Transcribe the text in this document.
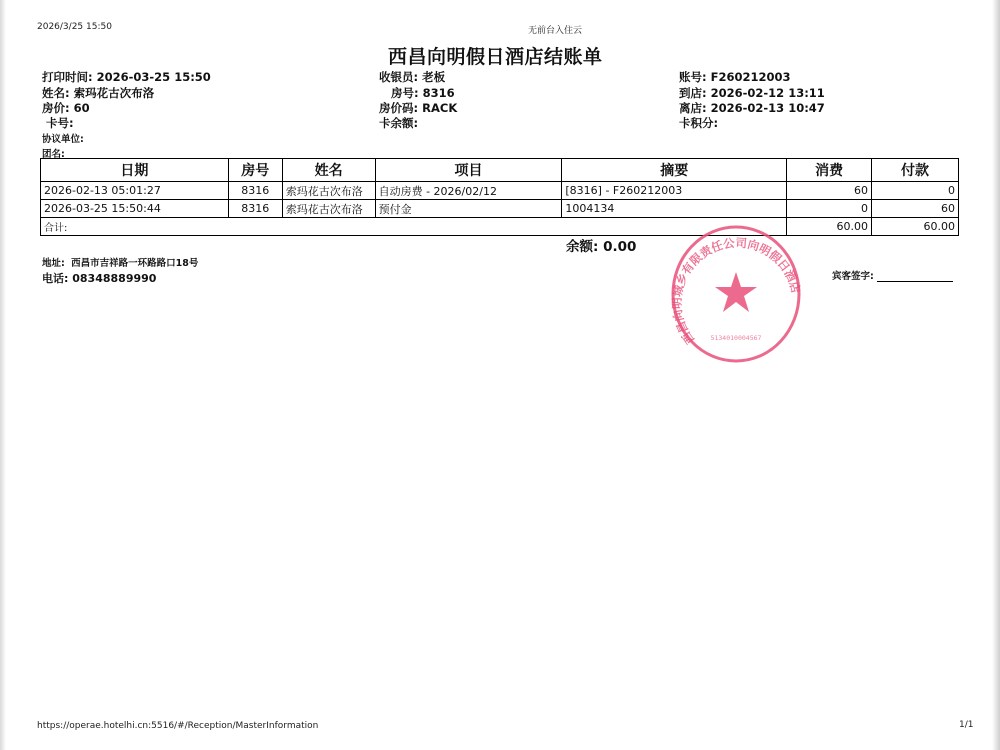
2026/3/25 15:50	无前台入住云
西昌向明假日酒店结账单
打印时间: 2026-03-25 15:50
姓名: 索玛花古次布洛
房价: 60
卡号:
协议单位:
团名:
收银员: 老板
房号: 8316
房价码: RACK
卡余额:
账号: F260212003
到店: 2026-02-12 13:11
离店: 2026-02-13 10:47
卡积分:
日期	房号	姓名	项目	摘要	消费	付款
2026-02-13 05:01:27	8316	索玛花古次布洛	自动房费 - 2026/02/12	[8316] - F260212003	60	0
2026-03-25 15:50:44	8316	索玛花古次布洛	预付金	1004134	0	60
合计:					60.00	60.00
余额: 0.00
地址: 西昌市吉祥路一环路路口18号
电话: 08348889990	宾客签字:
西昌向明城乡有限责任公司向明假日酒店
5134010004567
https://operae.hotelhi.cn:5516/#/Reception/MasterInformation	1/1
